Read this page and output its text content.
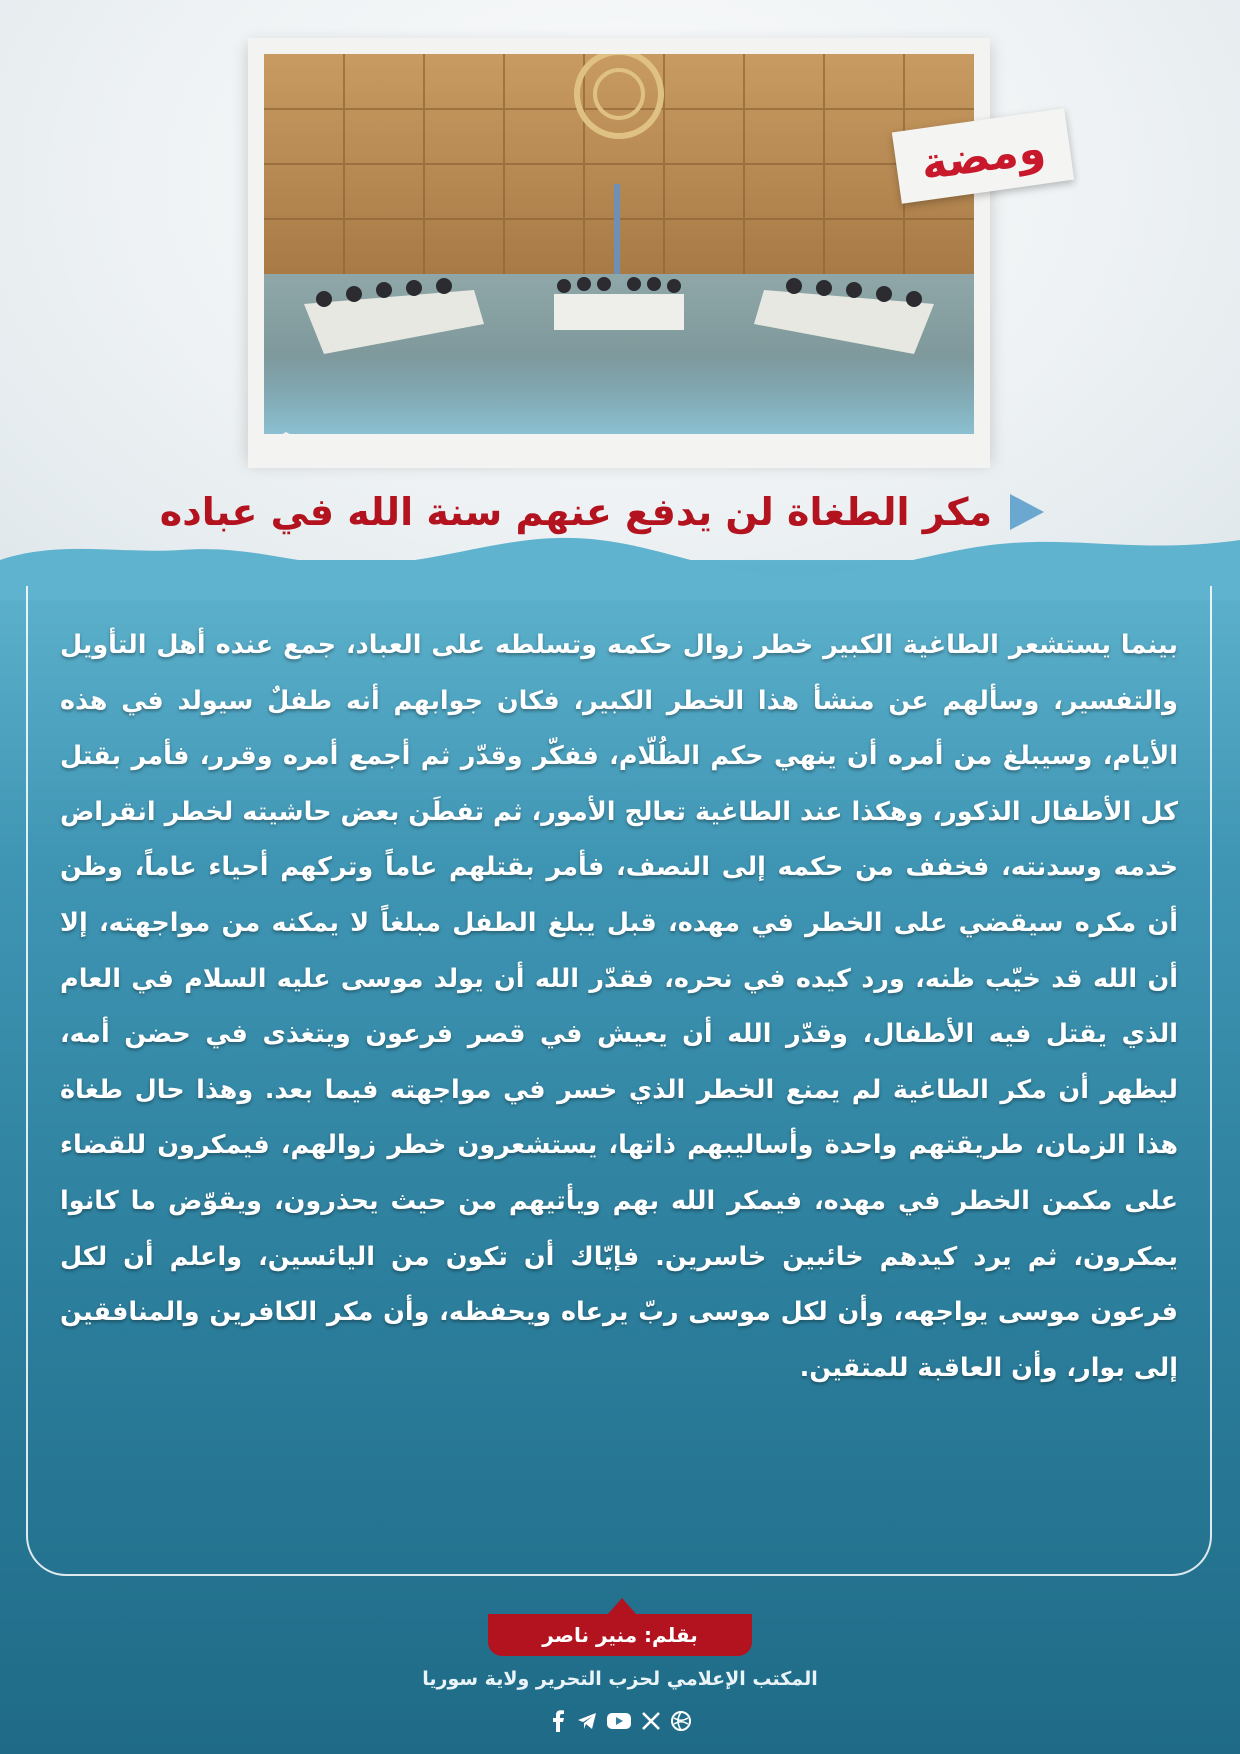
ومضة
مكر الطغاة لن يدفع عنهم سنة الله في عباده
بينما يستشعر الطاغية الكبير خطر زوال حكمه وتسلطه على العباد، جمع عنده أهل التأويل والتفسير، وسألهم عن منشأ هذا الخطر الكبير، فكان جوابهم أنه طفلٌ سيولد في هذه الأيام، وسيبلغ من أمره أن ينهي حكم الظُلّام، ففكّر وقدّر ثم أجمع أمره وقرر، فأمر بقتل كل الأطفال الذكور، وهكذا عند الطاغية تعالج الأمور، ثم تفطَن بعض حاشيته لخطر انقراض خدمه وسدنته، فخفف من حكمه إلى النصف، فأمر بقتلهم عاماً وتركهم أحياء عاماً، وظن أن مكره سيقضي على الخطر في مهده، قبل يبلغ الطفل مبلغاً لا يمكنه من مواجهته، إلا أن الله قد خيّب ظنه، ورد كيده في نحره، فقدّر الله أن يولد موسى عليه السلام في العام الذي يقتل فيه الأطفال، وقدّر الله أن يعيش في قصر فرعون ويتغذى في حضن أمه، ليظهر أن مكر الطاغية لم يمنع الخطر الذي خسر في مواجهته فيما بعد. وهذا حال طغاة هذا الزمان، طريقتهم واحدة وأساليبهم ذاتها، يستشعرون خطر زوالهم، فيمكرون للقضاء على مكمن الخطر في مهده، فيمكر الله بهم ويأتيهم من حيث يحذرون، ويقوّض ما كانوا يمكرون، ثم يرد كيدهم خائبين خاسرين. فإيّاك أن تكون من اليائسين، واعلم أن لكل فرعون موسى يواجهه، وأن لكل موسى ربّ يرعاه ويحفظه، وأن مكر الكافرين والمنافقين إلى بوار، وأن العاقبة للمتقين.
بقلم: منير ناصر
المكتب الإعلامي لحزب التحرير ولاية سوريا
